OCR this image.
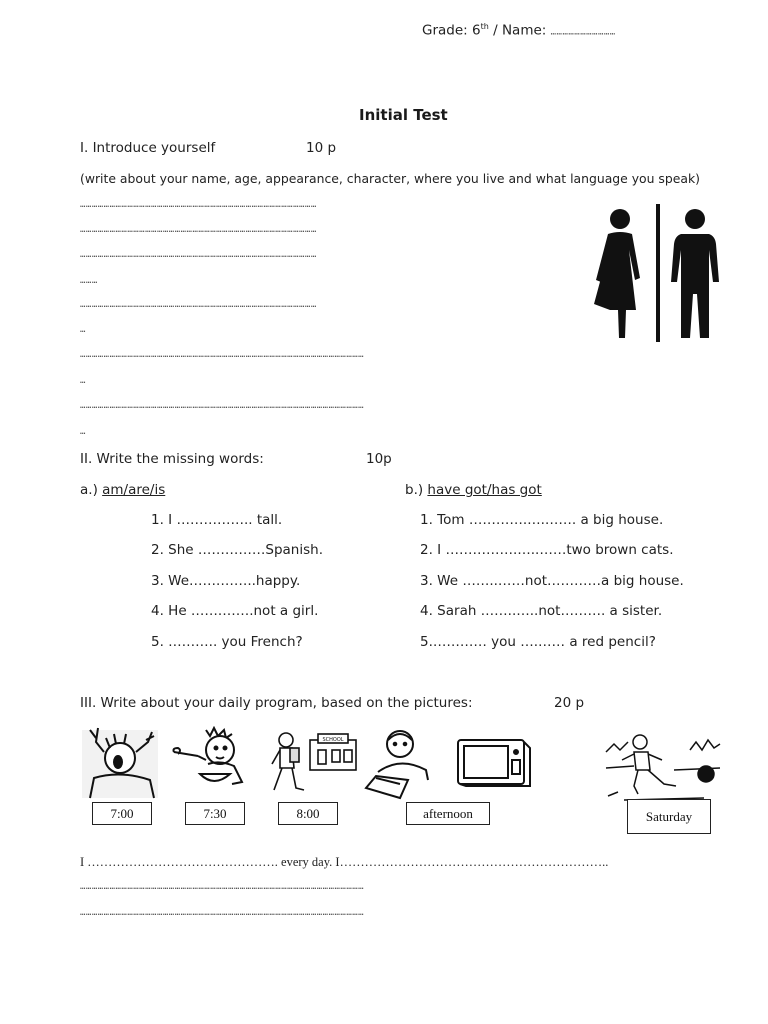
Grade: 6th / Name: ……………………………
Initial Test
I. Introduce yourself	10 p
(write about your name, age, appearance, character, where you live and what language you speak)
…………………………………………………………………………………………………………
…………………………………………………………………………………………………………
…………………………………………………………………………………………………………
………
…………………………………………………………………………………………………………
…
………………………………………………………………………………………………………………………………
…
………………………………………………………………………………………………………………………………
…
II. Write the missing words:	10p
a.) am/are/is	b.) have got/has got
1. I …………….. tall.
2. She ……………Spanish.
3. We…….……..happy.
4. He …….…….not a girl.
5. ……….. you French?
1. Tom ………….….……. a big house.
2. I …………….…..……two brown cats.
3. We ……..……not…………a big house.
4. Sarah ……..…..not………. a sister.
5.………… you ….…… a red pencil?
III. Write about your daily program, based on the pictures:	20 p
SCHOOL
7:00	7:30	8:00	afternoon	Saturday
I ………………………………………. every day. I………………………………………………………..
………………………………………………………………………………………………………………………………
………………………………………………………………………………………………………………………………
